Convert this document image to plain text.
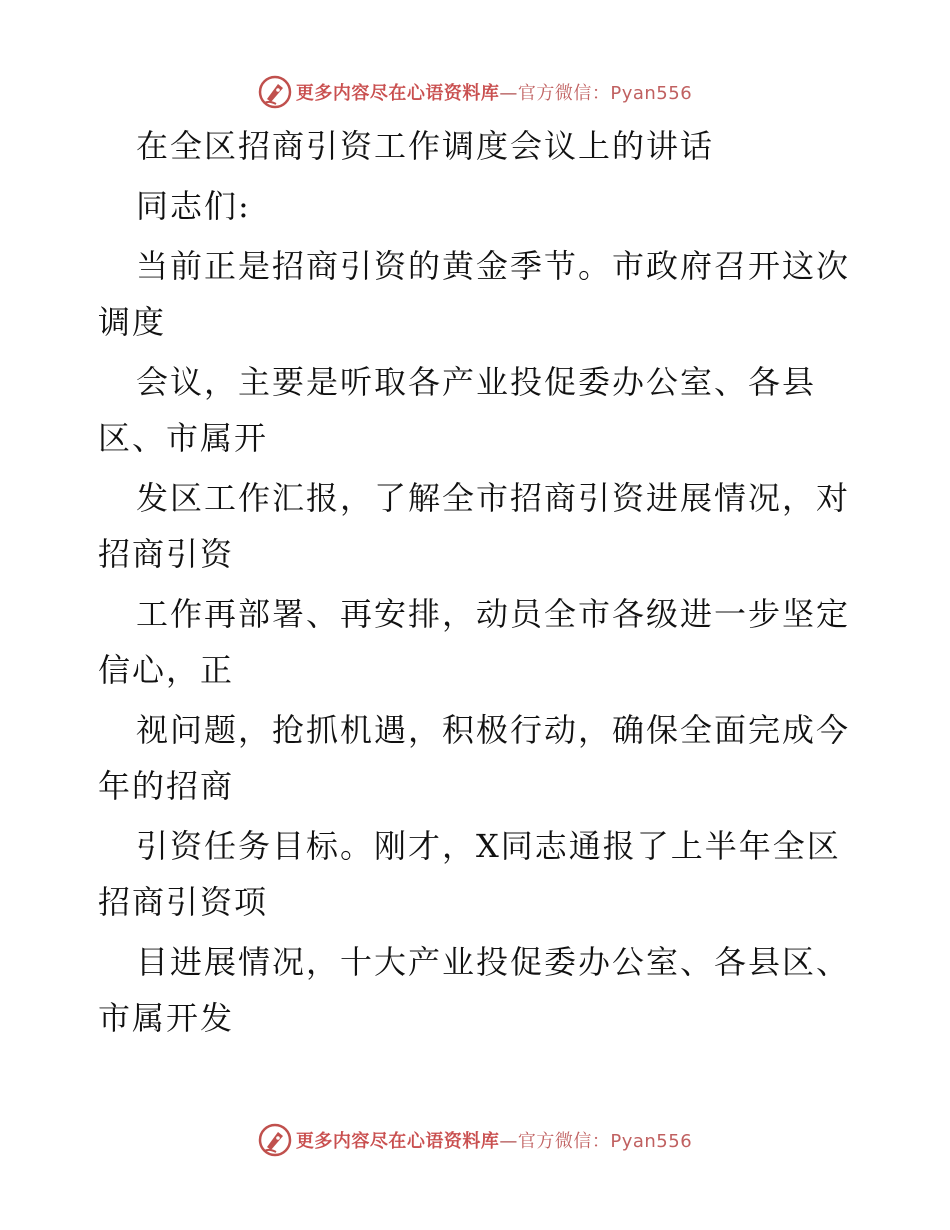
更多内容尽在心语资料库—官方微信：Pyan556
在全区招商引资工作调度会议上的讲话
同志们:
当前正是招商引资的黄金季节。市政府召开这次
调度
会议，主要是听取各产业投促委办公室、各县
区、市属开
发区工作汇报，了解全市招商引资进展情况，对
招商引资
工作再部署、再安排，动员全市各级进一步坚定
信心，正
视问题，抢抓机遇，积极行动，确保全面完成今
年的招商
引资任务目标。刚才，X同志通报了上半年全区
招商引资项
目进展情况，十大产业投促委办公室、各县区、
市属开发
更多内容尽在心语资料库—官方微信：Pyan556
